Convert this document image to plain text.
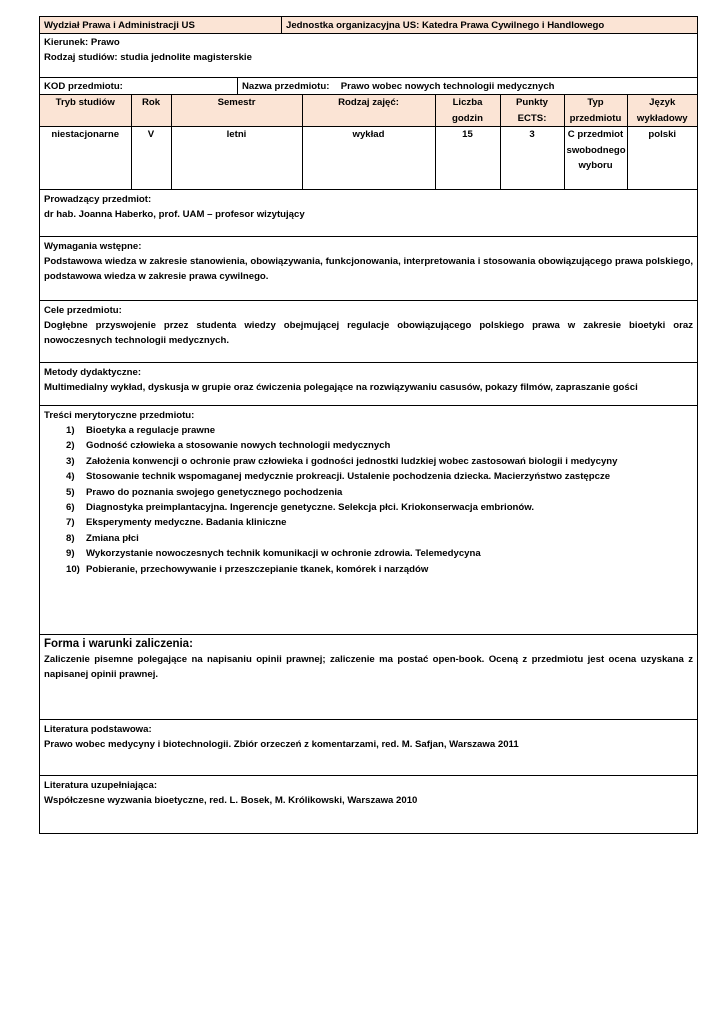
Wydział Prawa i Administracji US	Jednostka organizacyjna US: Katedra Prawa Cywilnego i Handlowego
Kierunek: Prawo
Rodzaj studiów: studia jednolite magisterskie
KOD przedmiotu:	Nazwa przedmiotu: Prawo wobec nowych technologii medycznych
Tryb studiów	Rok	Semestr	Rodzaj zajęć:	Liczba godzin	Punkty ECTS:	Typ przedmiotu	Język wykładowy
niestacjonarne	V	letni	wykład	15	3	C przedmiot swobodnego wyboru	polski
Prowadzący przedmiot:
dr hab. Joanna Haberko, prof. UAM – profesor wizytujący
Wymagania wstępne:
Podstawowa wiedza w zakresie stanowienia, obowiązywania, funkcjonowania, interpretowania i stosowania obowiązującego prawa polskiego, podstawowa wiedza w zakresie prawa cywilnego.
Cele przedmiotu:
Dogłębne przyswojenie przez studenta wiedzy obejmującej regulacje obowiązującego polskiego prawa w zakresie bioetyki oraz nowoczesnych technologii medycznych.
Metody dydaktyczne:
Multimedialny wykład, dyskusja w grupie oraz ćwiczenia polegające na rozwiązywaniu casusów, pokazy filmów, zapraszanie gości
Treści merytoryczne przedmiotu:
1) Bioetyka a regulacje prawne
2) Godność człowieka a stosowanie nowych technologii medycznych
3) Założenia konwencji o ochronie praw człowieka i godności jednostki ludzkiej wobec zastosowań biologii i medycyny
4) Stosowanie technik wspomaganej medycznie prokreacji. Ustalenie pochodzenia dziecka. Macierzyństwo zastępcze
5) Prawo do poznania swojego genetycznego pochodzenia
6) Diagnostyka preimplantacyjna. Ingerencje genetyczne. Selekcja płci. Kriokonserwacja embrionów.
7) Eksperymenty medyczne. Badania kliniczne
8) Zmiana płci
9) Wykorzystanie nowoczesnych technik komunikacji w ochronie zdrowia. Telemedycyna
10) Pobieranie, przechowywanie i przeszczepianie tkanek, komórek i narządów
Forma i warunki zaliczenia:
Zaliczenie pisemne polegające na napisaniu opinii prawnej; zaliczenie ma postać open-book. Oceną z przedmiotu jest ocena uzyskana z napisanej opinii prawnej.
Literatura podstawowa:
Prawo wobec medycyny i biotechnologii. Zbiór orzeczeń z komentarzami, red. M. Safjan, Warszawa 2011
Literatura uzupełniająca:
Współczesne wyzwania bioetyczne, red. L. Bosek, M. Królikowski, Warszawa 2010
